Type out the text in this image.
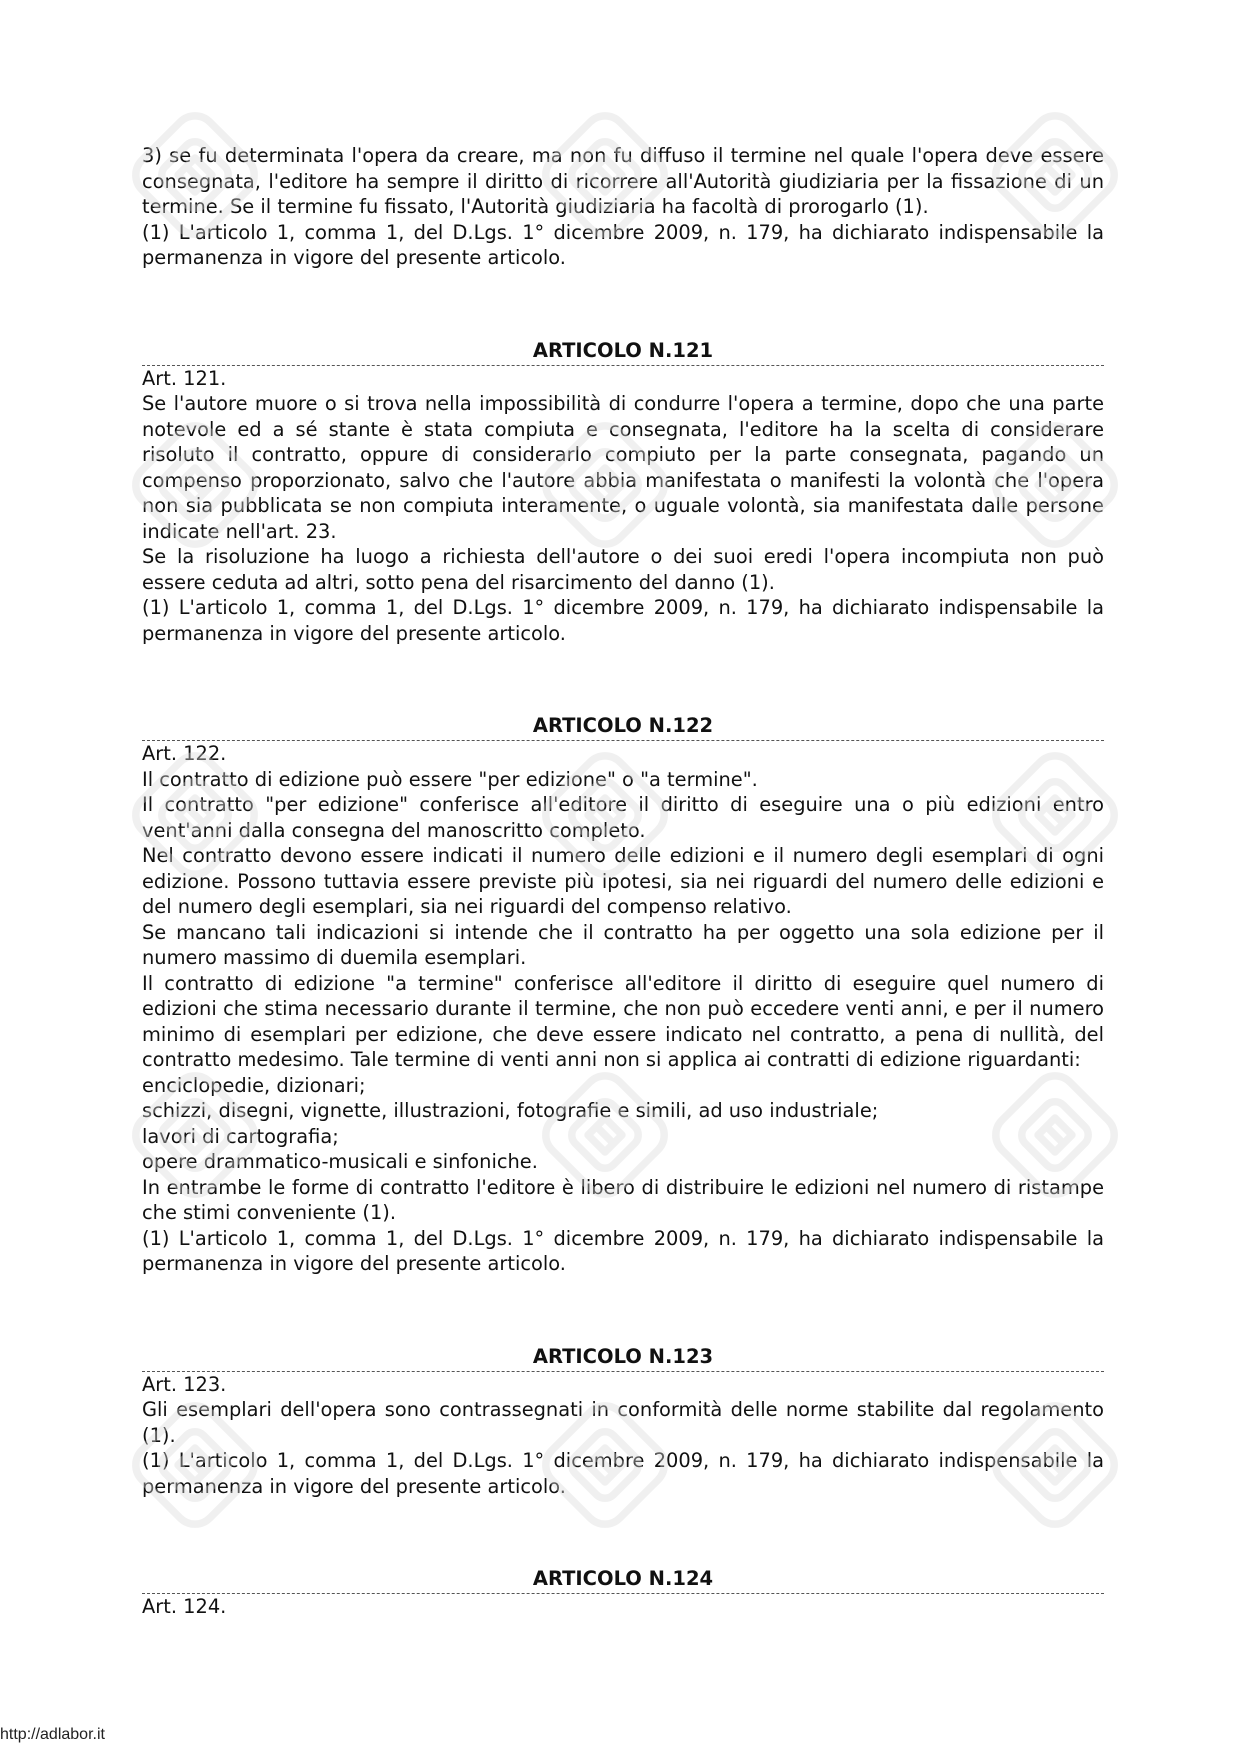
3) se fu determinata l'opera da creare, ma non fu diffuso il termine nel quale l'opera deve essere consegnata, l'editore ha sempre il diritto di ricorrere all'Autorità giudiziaria per la fissazione di un termine. Se il termine fu fissato, l'Autorità giudiziaria ha facoltà di prorogarlo (1).

(1) L'articolo 1, comma 1, del D.Lgs. 1° dicembre 2009, n. 179, ha dichiarato indispensabile la permanenza in vigore del presente articolo.

ARTICOLO N.121

Art. 121.

Se l'autore muore o si trova nella impossibilità di condurre l'opera a termine, dopo che una parte notevole ed a sé stante è stata compiuta e consegnata, l'editore ha la scelta di considerare risoluto il contratto, oppure di considerarlo compiuto per la parte consegnata, pagando un compenso proporzionato, salvo che l'autore abbia manifestata o manifesti la volontà che l'opera non sia pubblicata se non compiuta interamente, o uguale volontà, sia manifestata dalle persone indicate nell'art. 23.

Se la risoluzione ha luogo a richiesta dell'autore o dei suoi eredi l'opera incompiuta non può essere ceduta ad altri, sotto pena del risarcimento del danno (1).

(1) L'articolo 1, comma 1, del D.Lgs. 1° dicembre 2009, n. 179, ha dichiarato indispensabile la permanenza in vigore del presente articolo.

ARTICOLO N.122

Art. 122.

Il contratto di edizione può essere "per edizione" o "a termine".

Il contratto "per edizione" conferisce all'editore il diritto di eseguire una o più edizioni entro vent'anni dalla consegna del manoscritto completo.

Nel contratto devono essere indicati il numero delle edizioni e il numero degli esemplari di ogni edizione. Possono tuttavia essere previste più ipotesi, sia nei riguardi del numero delle edizioni e del numero degli esemplari, sia nei riguardi del compenso relativo.

Se mancano tali indicazioni si intende che il contratto ha per oggetto una sola edizione per il numero massimo di duemila esemplari.

Il contratto di edizione "a termine" conferisce all'editore il diritto di eseguire quel numero di edizioni che stima necessario durante il termine, che non può eccedere venti anni, e per il numero minimo di esemplari per edizione, che deve essere indicato nel contratto, a pena di nullità, del contratto medesimo. Tale termine di venti anni non si applica ai contratti di edizione riguardanti:

enciclopedie, dizionari;

schizzi, disegni, vignette, illustrazioni, fotografie e simili, ad uso industriale;

lavori di cartografia;

opere drammatico-musicali e sinfoniche.

In entrambe le forme di contratto l'editore è libero di distribuire le edizioni nel numero di ristampe che stimi conveniente (1).

(1) L'articolo 1, comma 1, del D.Lgs. 1° dicembre 2009, n. 179, ha dichiarato indispensabile la permanenza in vigore del presente articolo.

ARTICOLO N.123

Art. 123.

Gli esemplari dell'opera sono contrassegnati in conformità delle norme stabilite dal regolamento (1).

(1) L'articolo 1, comma 1, del D.Lgs. 1° dicembre 2009, n. 179, ha dichiarato indispensabile la permanenza in vigore del presente articolo.

ARTICOLO N.124

Art. 124.

http://adlabor.it
